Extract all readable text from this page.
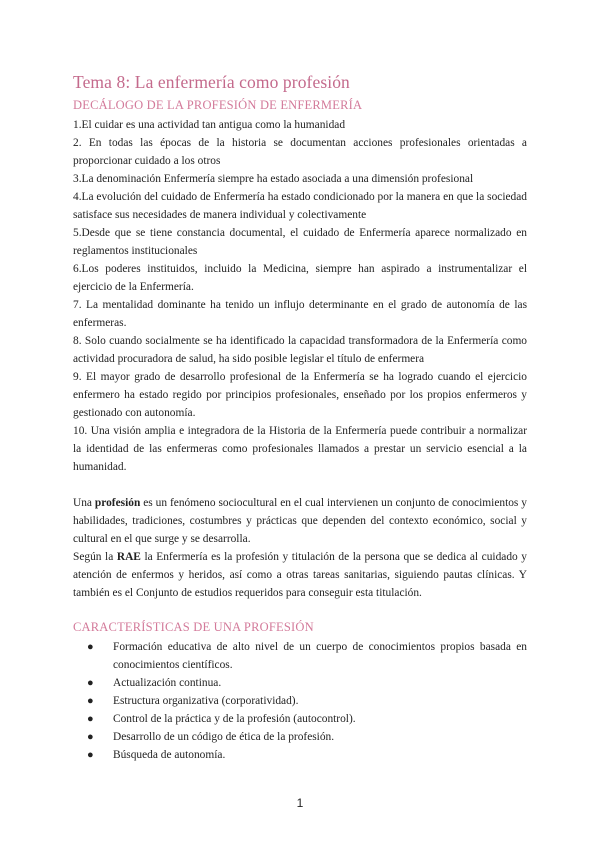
Tema 8: La enfermería como profesión
DECÁLOGO DE LA PROFESIÓN DE ENFERMERÍA

1.El cuidar es una actividad tan antigua como la humanidad

2. En todas las épocas de la historia se documentan acciones profesionales orientadas a proporcionar cuidado a los otros

3.La denominación Enfermería siempre ha estado asociada a una dimensión profesional

4.La evolución del cuidado de Enfermería ha estado condicionado por la manera en que la sociedad satisface sus necesidades de manera individual y colectivamente

5.Desde que se tiene constancia documental, el cuidado de Enfermería aparece normalizado en reglamentos institucionales

6.Los poderes instituidos, incluido la Medicina, siempre han aspirado a instrumentalizar el ejercicio de la Enfermería.

7. La mentalidad dominante ha tenido un influjo determinante en el grado de autonomía de las enfermeras.

8. Solo cuando socialmente se ha identificado la capacidad transformadora de la Enfermería como actividad procuradora de salud, ha sido posible legislar el título de enfermera

9. El mayor grado de desarrollo profesional de la Enfermería se ha logrado cuando el ejercicio enfermero ha estado regido por principios profesionales, enseñado por los propios enfermeros y gestionado con autonomía.

10. Una visión amplia e integradora de la Historia de la Enfermería puede contribuir a normalizar la identidad de las enfermeras como profesionales llamados a prestar un servicio esencial a la humanidad.

Una profesión es un fenómeno sociocultural en el cual intervienen un conjunto de conocimientos y habilidades, tradiciones, costumbres y prácticas que dependen del contexto económico, social y cultural en el que surge y se desarrolla.

Según la RAE la Enfermería es la profesión y titulación de la persona que se dedica al cuidado y atención de enfermos y heridos, así como a otras tareas sanitarias, siguiendo pautas clínicas. Y también es el Conjunto de estudios requeridos para conseguir esta titulación.

CARACTERÍSTICAS DE UNA PROFESIÓN
● Formación educativa de alto nivel de un cuerpo de conocimientos propios basada en conocimientos científicos.
● Actualización continua.
● Estructura organizativa (corporatividad).
● Control de la práctica y de la profesión (autocontrol).
● Desarrollo de un código de ética de la profesión.
● Búsqueda de autonomía.
1
